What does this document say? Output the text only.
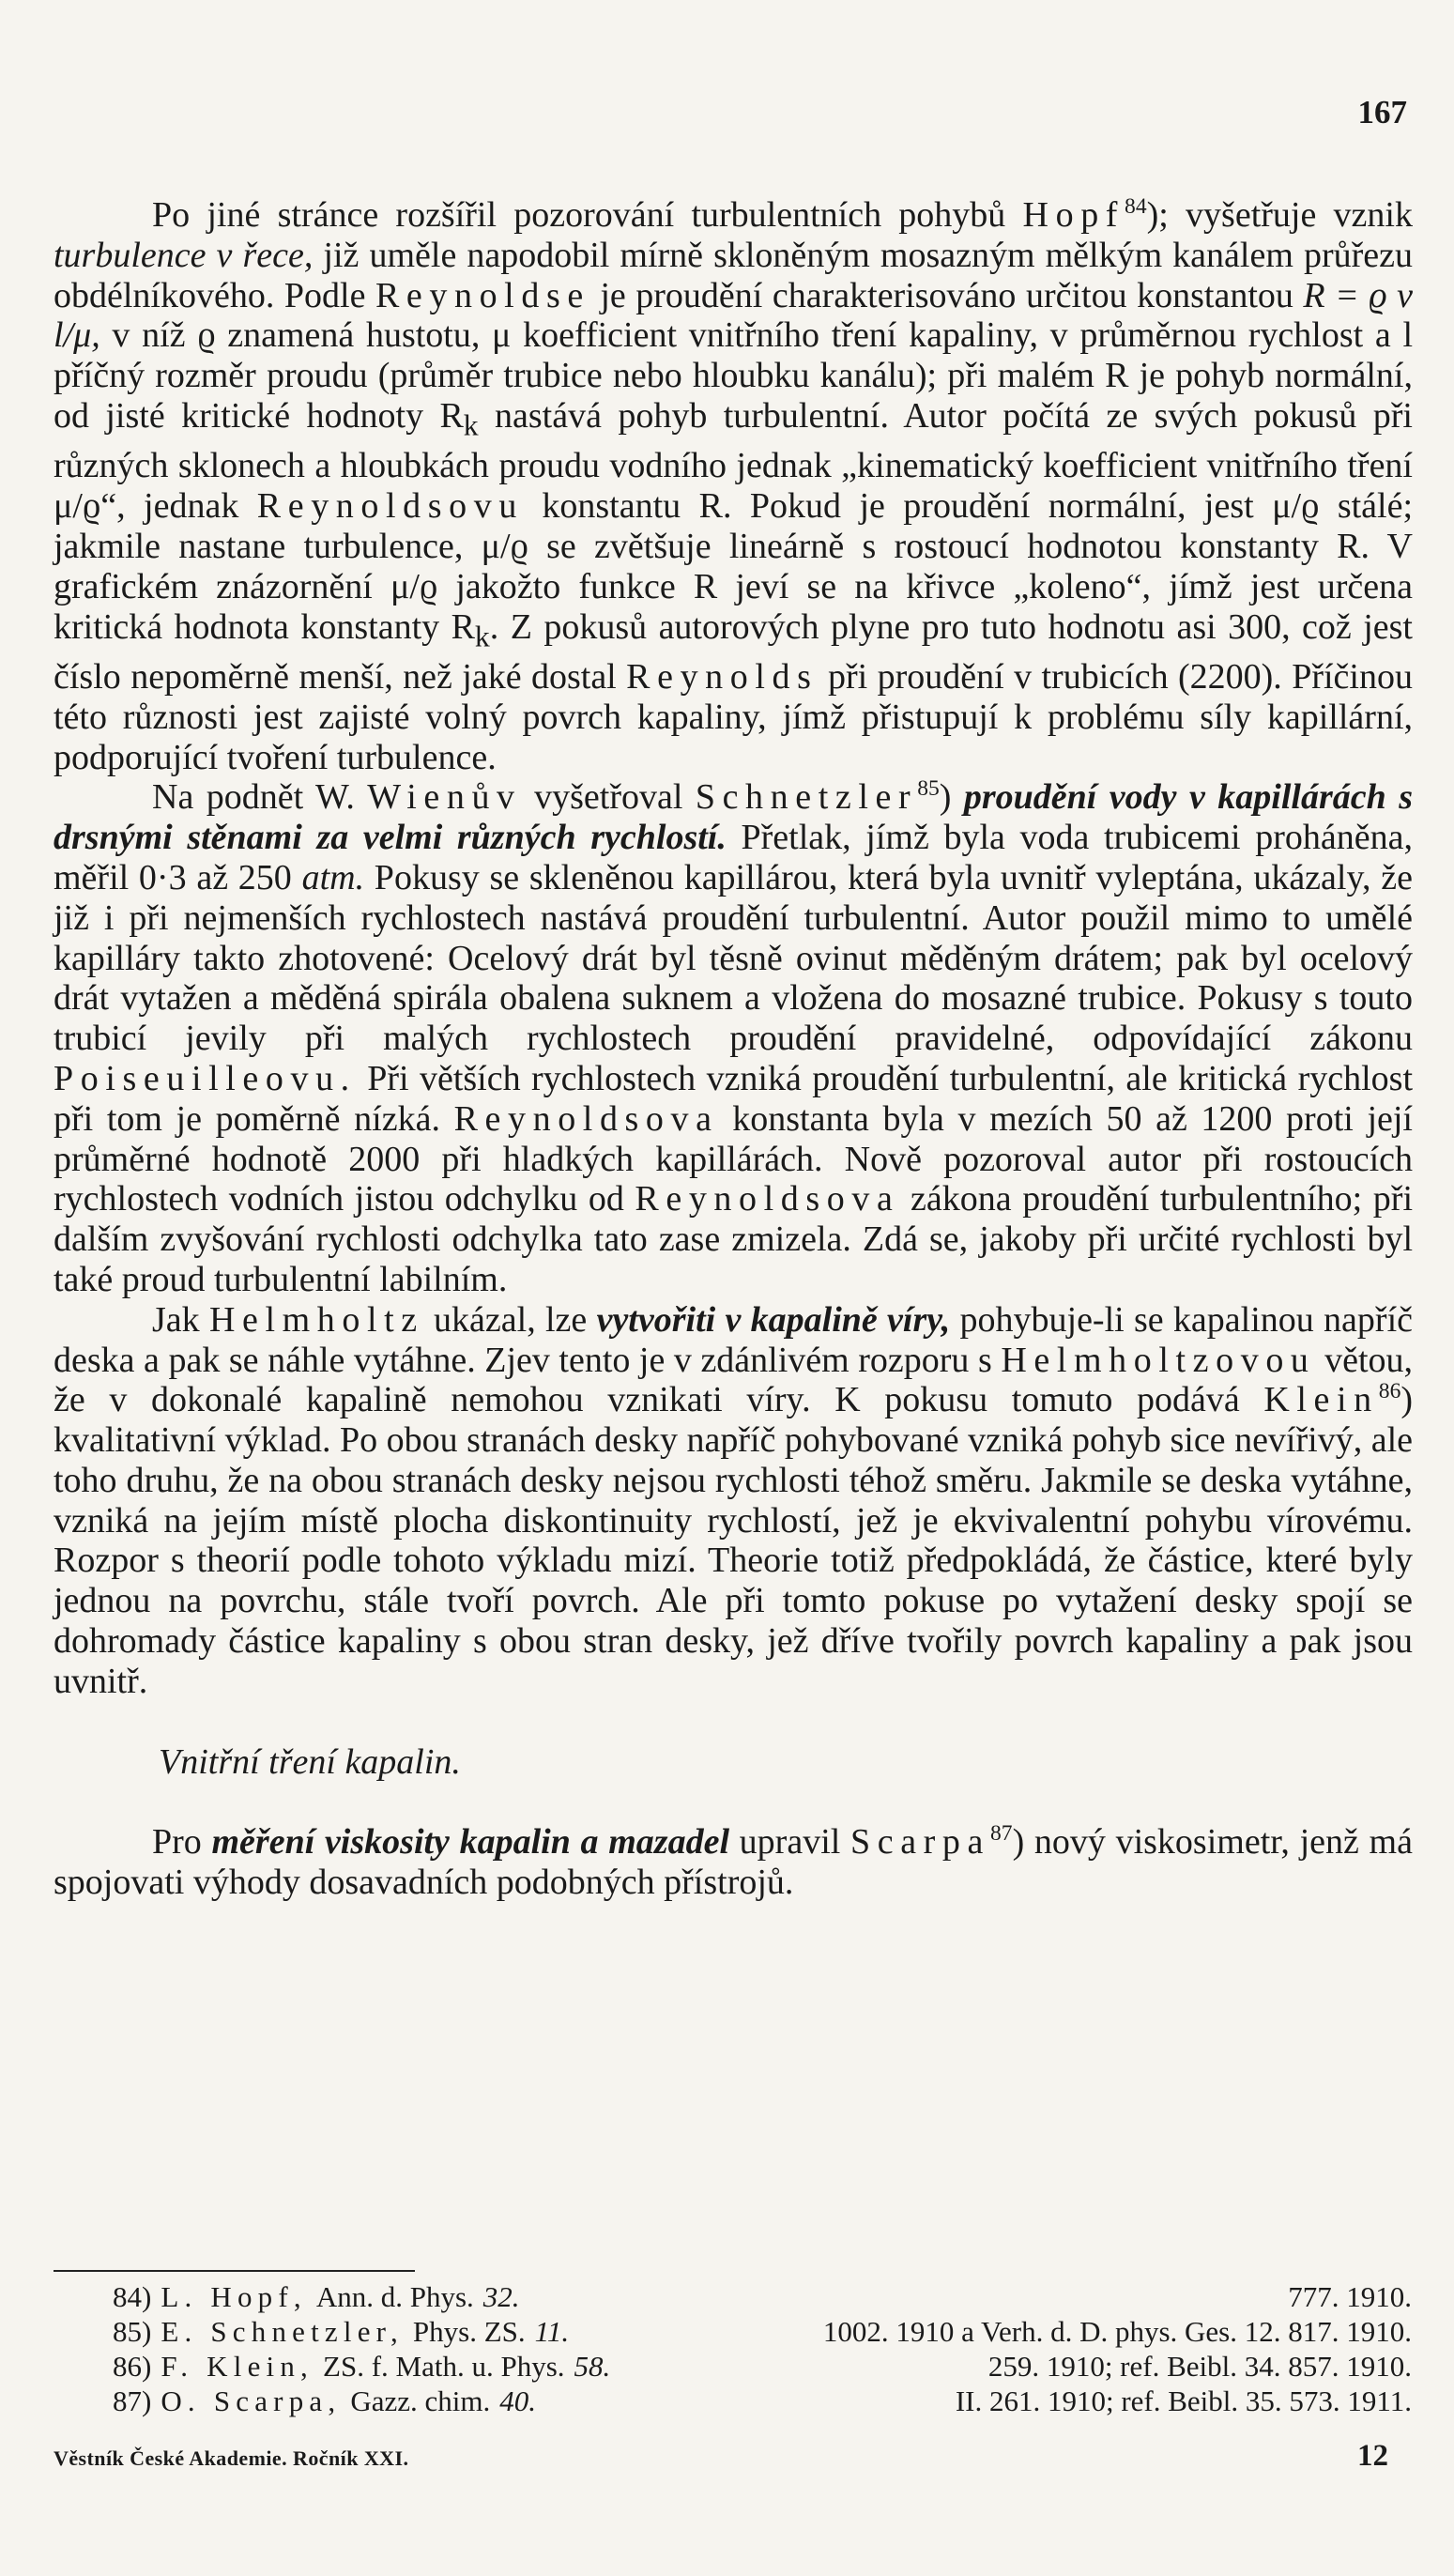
167

Po jiné stránce rozšířil pozorování turbulentních pohybů Hopf$^{84}$); vyšetřuje vznik turbulence v řece, již uměle napodobil mírně skloněným mosazným mělkým kanálem průřezu obdélníkového. Podle Reynoldse je proudění charakterisováno určitou konstantou R = ϱ v l/μ, v níž ϱ znamená hustotu, μ koefficient vnitřního tření kapaliny, v průměrnou rychlost a l příčný rozměr proudu (průměr trubice nebo hloubku kanálu); při malém R je pohyb normální, od jisté kritické hodnoty $R_k$ nastává pohyb turbulentní. Autor počítá ze svých pokusů při různých sklonech a hloubkách proudu vodního jednak „kinematický koefficient vnitřního tření μ/ϱ“, jednak Reynoldsovu konstantu R. Pokud je proudění normální, jest μ/ϱ stálé; jakmile nastane turbulence, μ/ϱ se zvětšuje lineárně s rostoucí hodnotou konstanty R. V grafickém znázornění μ/ϱ jakožto funkce R jeví se na křivce „koleno“, jímž jest určena kritická hodnota konstanty $R_k$. Z pokusů autorových plyne pro tuto hodnotu asi 300, což jest číslo nepoměrně menší, než jaké dostal Reynolds při proudění v trubicích (2200). Příčinou této různosti jest zajisté volný povrch kapaliny, jímž přistupují k problému síly kapillární, podporující tvoření turbulence.

Na podnět W. Wienův vyšetřoval Schnetzler$^{85}$) proudění vody v kapillárách s drsnými stěnami za velmi různých rychlostí. Přetlak, jímž byla voda trubicemi proháněna, měřil 0·3 až 250 atm. Pokusy se skleněnou kapillárou, která byla uvnitř vyleptána, ukázaly, že již i při nejmenších rychlostech nastává proudění turbulentní. Autor použil mimo to umělé kapilláry takto zhotovené: Ocelový drát byl těsně ovinut měděným drátem; pak byl ocelový drát vytažen a měděná spirála obalena suknem a vložena do mosazné trubice. Pokusy s touto trubicí jevily při malých rychlostech proudění pravidelné, odpovídající zákonu Poiseuilleovu. Při větších rychlostech vzniká proudění turbulentní, ale kritická rychlost při tom je poměrně nízká. Reynoldsova konstanta byla v mezích 50 až 1200 proti její průměrné hodnotě 2000 při hladkých kapillárách. Nově pozoroval autor při rostoucích rychlostech vodních jistou odchylku od Reynoldsova zákona proudění turbulentního; při dalším zvyšování rychlosti odchylka tato zase zmizela. Zdá se, jakoby při určité rychlosti byl také proud turbulentní labilním.

Jak Helmholtz ukázal, lze vytvořiti v kapalině víry, pohybuje-li se kapalinou napříč deska a pak se náhle vytáhne. Zjev tento je v zdánlivém rozporu s Helmholtzovou větou, že v dokonalé kapalině nemohou vznikati víry. K pokusu tomuto podává Klein$^{86}$) kvalitativní výklad. Po obou stranách desky napříč pohybované vzniká pohyb sice nevířivý, ale toho druhu, že na obou stranách desky nejsou rychlosti téhož směru. Jakmile se deska vytáhne, vzniká na jejím místě plocha diskontinuity rychlostí, jež je ekvivalentní pohybu vírovému. Rozpor s theorií podle tohoto výkladu mizí. Theorie totiž předpokládá, že částice, které byly jednou na povrchu, stále tvoří povrch. Ale při tomto pokuse po vytažení desky spojí se dohromady částice kapaliny s obou stran desky, jež dříve tvořily povrch kapaliny a pak jsou uvnitř.

Vnitřní tření kapalin.

Pro měření viskosity kapalin a mazadel upravil Scarpa$^{87}$) nový viskosimetr, jenž má spojovati výhody dosavadních podobných přístrojů.

84) L. Hopf, Ann. d. Phys. 32.	777. 1910.
85) E. Schnetzler, Phys. ZS. 11.	1002. 1910 a Verh. d. D. phys. Ges. 12. 817. 1910.
86) F. Klein, ZS. f. Math. u. Phys. 58.	259. 1910; ref. Beibl. 34. 857. 1910.
87) O. Scarpa, Gazz. chim. 40.	II. 261. 1910; ref. Beibl. 35. 573. 1911.
Věstník České Akademie. Ročník XXI.	12
